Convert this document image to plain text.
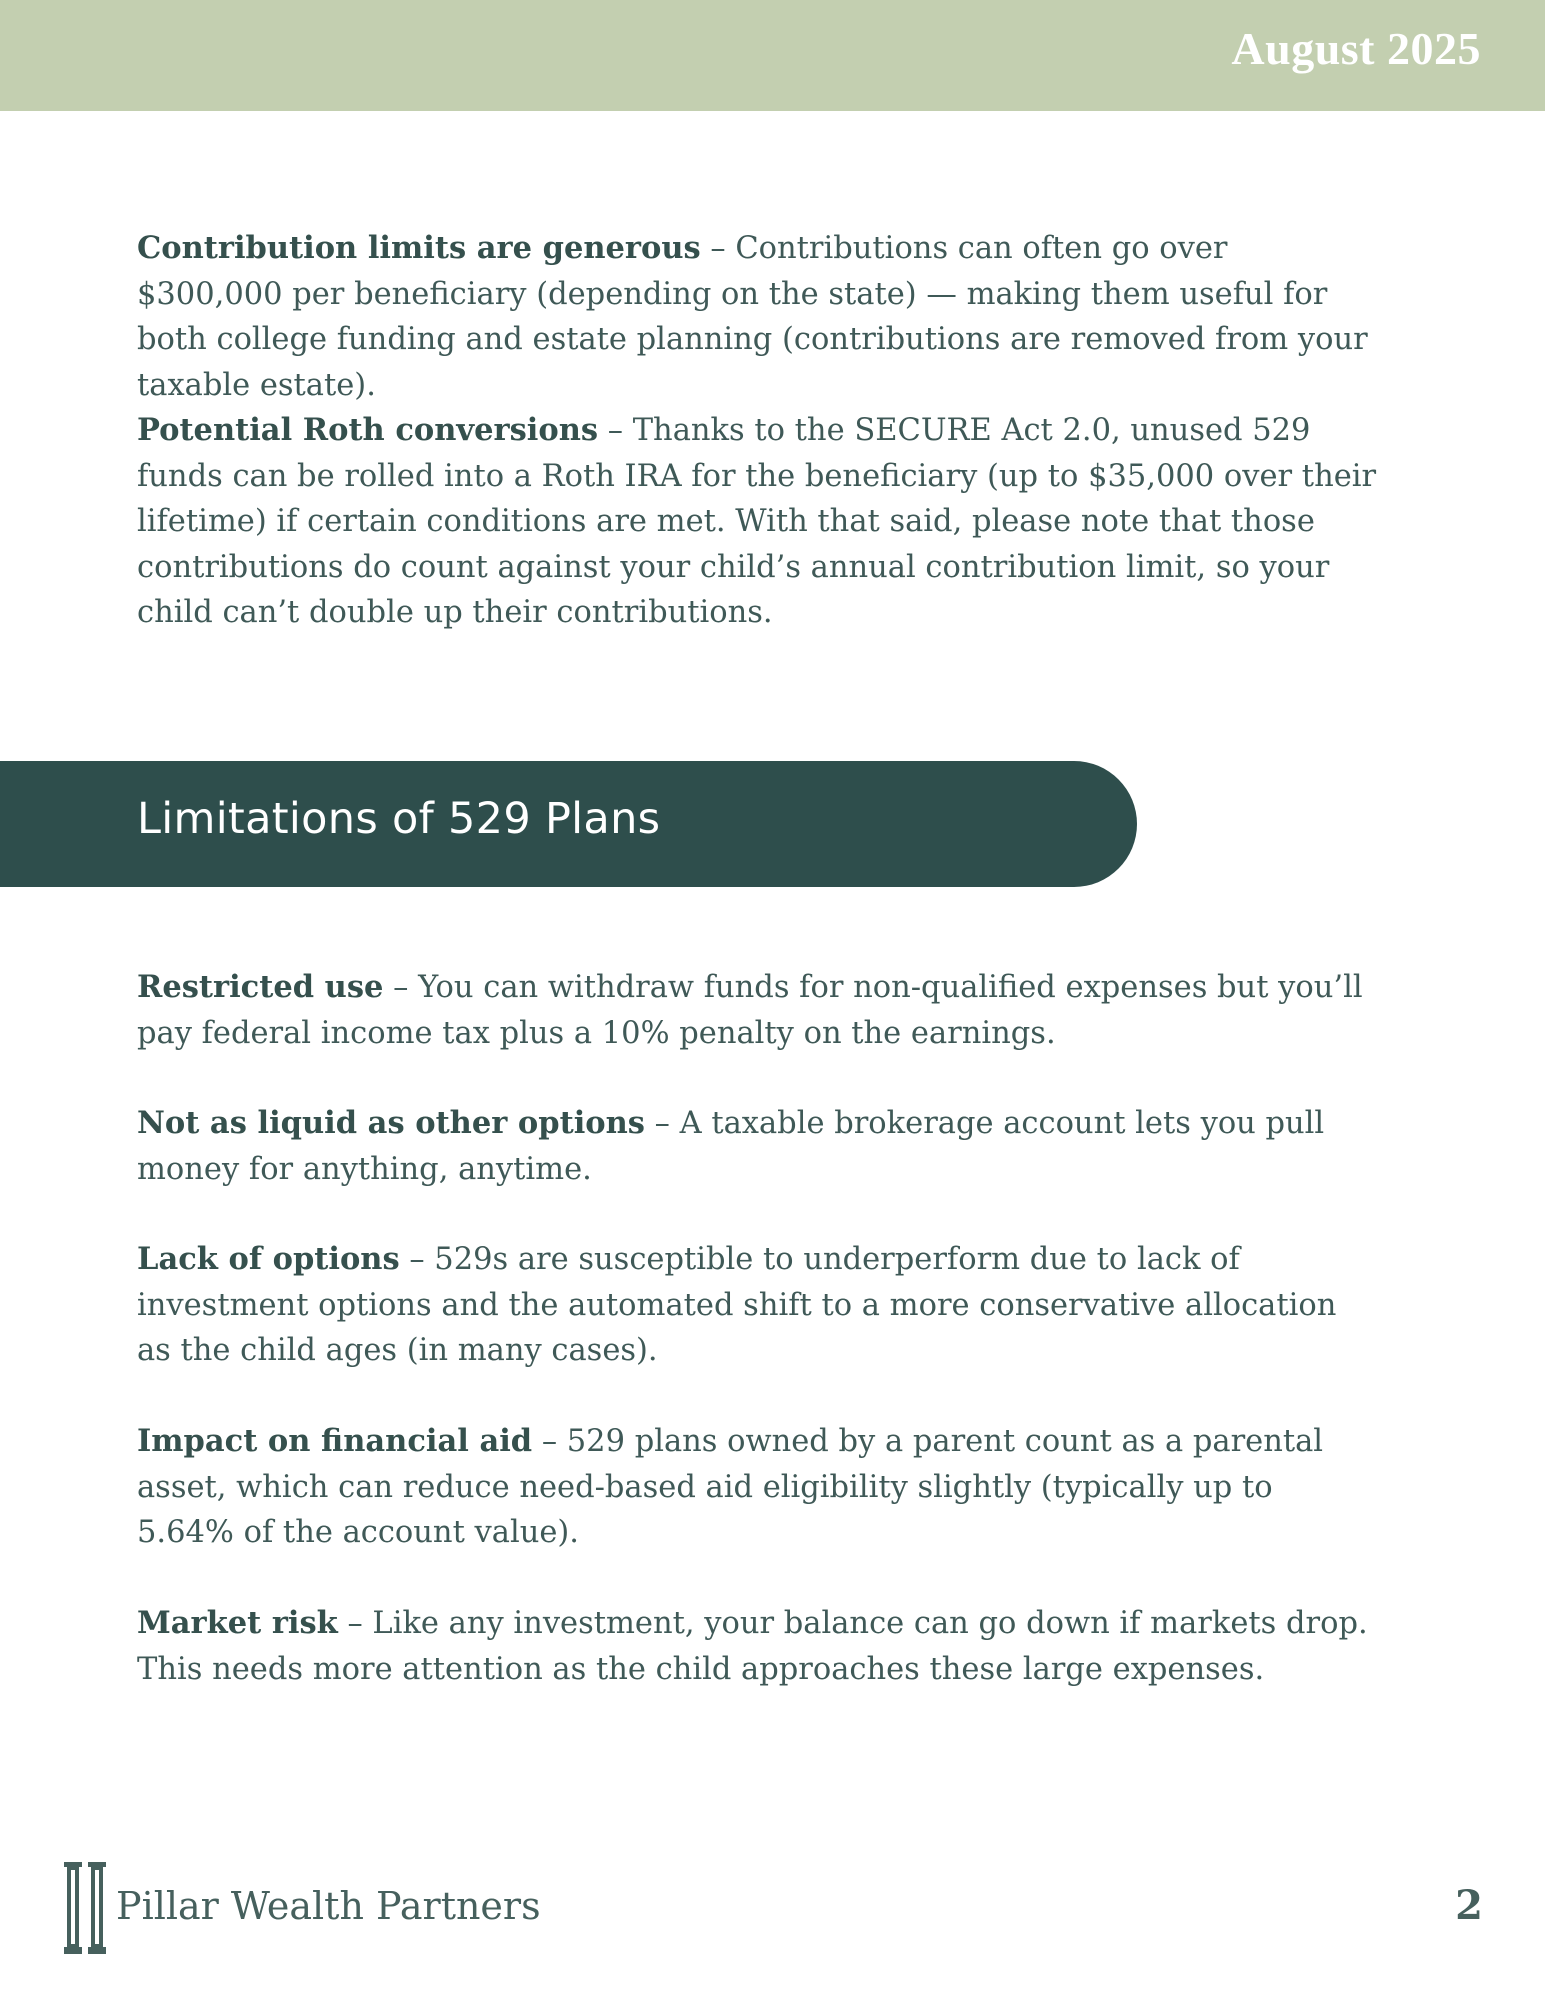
August 2025

Contribution limits are generous – Contributions can often go over $300,000 per beneficiary (depending on the state) — making them useful for both college funding and estate planning (contributions are removed from your taxable estate).

Potential Roth conversions – Thanks to the SECURE Act 2.0, unused 529 funds can be rolled into a Roth IRA for the beneficiary (up to $35,000 over their lifetime) if certain conditions are met. With that said, please note that those contributions do count against your child’s annual contribution limit, so your child can’t double up their contributions.

Limitations of 529 Plans

Restricted use – You can withdraw funds for non-qualified expenses but you’ll pay federal income tax plus a 10% penalty on the earnings.

Not as liquid as other options – A taxable brokerage account lets you pull money for anything, anytime.

Lack of options – 529s are susceptible to underperform due to lack of investment options and the automated shift to a more conservative allocation as the child ages (in many cases).

Impact on financial aid – 529 plans owned by a parent count as a parental asset, which can reduce need-based aid eligibility slightly (typically up to 5.64% of the account value).

Market risk – Like any investment, your balance can go down if markets drop. This needs more attention as the child approaches these large expenses.

Pillar Wealth Partners	2
